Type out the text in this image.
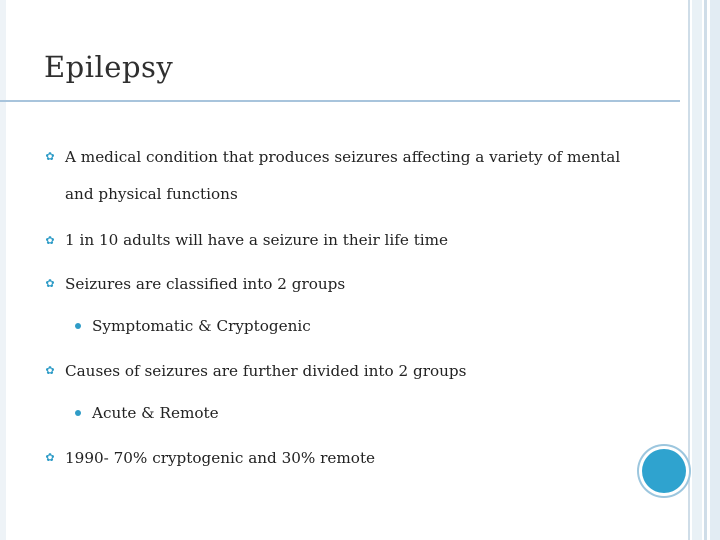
Epilepsy
✿ A medical condition that produces seizures affecting a variety of mental
and physical functions
✿ 1 in 10 adults will have a seizure in their life time
✿ Seizures are classified into 2 groups
Symptomatic & Cryptogenic
✿ Causes of seizures are further divided into 2 groups
Acute & Remote
✿ 1990- 70% cryptogenic and 30% remote
